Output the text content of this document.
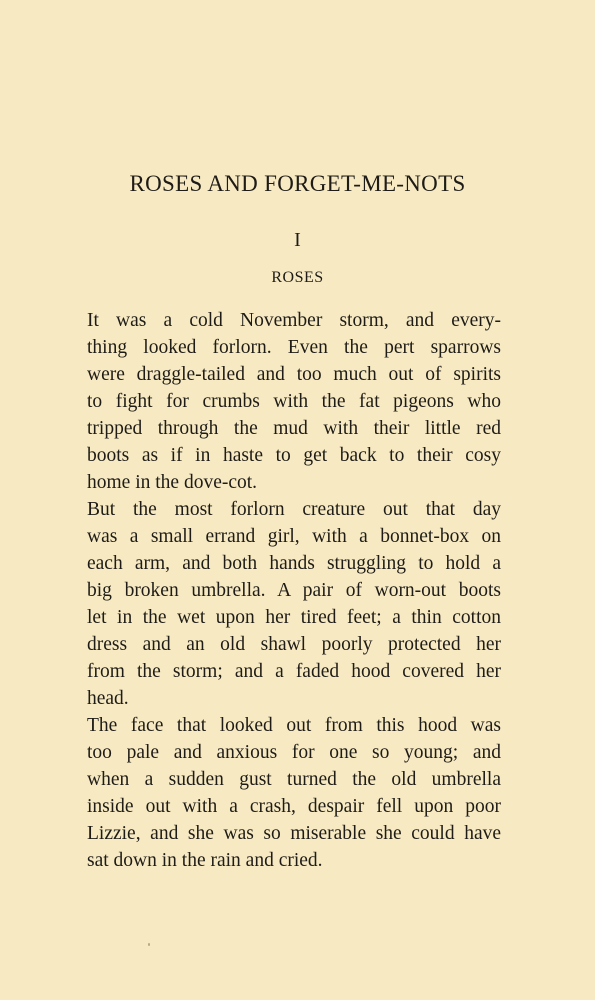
ROSES AND FORGET-ME-NOTS
I
ROSES

It was a cold November storm, and every-
thing looked forlorn. Even the pert sparrows
were draggle-tailed and too much out of spirits
to fight for crumbs with the fat pigeons who
tripped through the mud with their little red
boots as if in haste to get back to their cosy
home in the dove-cot.

But the most forlorn creature out that day
was a small errand girl, with a bonnet-box on
each arm, and both hands struggling to hold a
big broken umbrella. A pair of worn-out boots
let in the wet upon her tired feet; a thin cotton
dress and an old shawl poorly protected her
from the storm; and a faded hood covered her
head.

The face that looked out from this hood was
too pale and anxious for one so young; and
when a sudden gust turned the old umbrella
inside out with a crash, despair fell upon poor
Lizzie, and she was so miserable she could have
sat down in the rain and cried.
